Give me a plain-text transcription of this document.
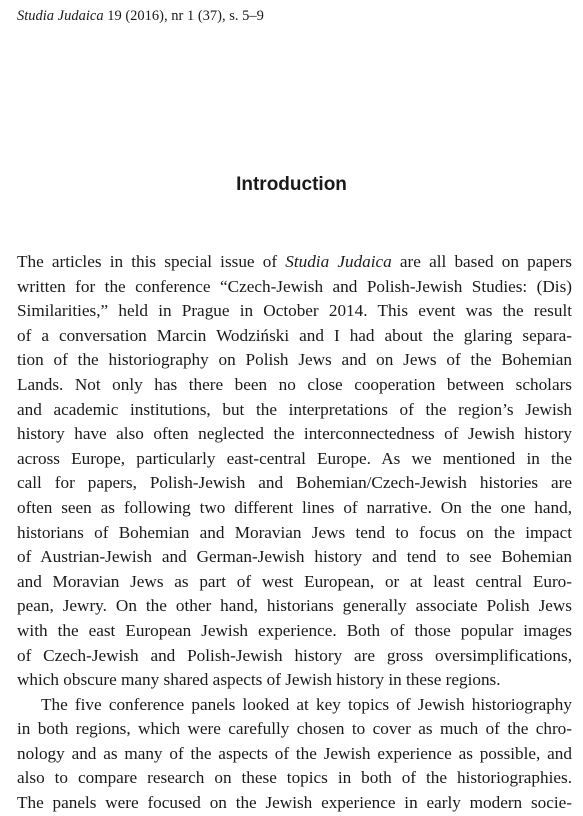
Studia Judaica 19 (2016), nr 1 (37), s. 5–9
Introduction
The articles in this special issue of Studia Judaica are all based on papers
written for the conference “Czech-Jewish and Polish-Jewish Studies: (Dis)
Similarities,” held in Prague in October 2014. This event was the result
of a conversation Marcin Wodziński and I had about the glaring separa-
tion of the historiography on Polish Jews and on Jews of the Bohemian
Lands. Not only has there been no close cooperation between scholars
and academic institutions, but the interpretations of the region’s Jewish
history have also often neglected the interconnectedness of Jewish history
across Europe, particularly east-central Europe. As we mentioned in the
call for papers, Polish-Jewish and Bohemian/Czech-Jewish histories are
often seen as following two different lines of narrative. On the one hand,
historians of Bohemian and Moravian Jews tend to focus on the impact
of Austrian-Jewish and German-Jewish history and tend to see Bohemian
and Moravian Jews as part of west European, or at least central Euro-
pean, Jewry. On the other hand, historians generally associate Polish Jews
with the east European Jewish experience. Both of those popular images
of Czech-Jewish and Polish-Jewish history are gross oversimplifications,
which obscure many shared aspects of Jewish history in these regions.
The five conference panels looked at key topics of Jewish historiography
in both regions, which were carefully chosen to cover as much of the chro-
nology and as many of the aspects of the Jewish experience as possible, and
also to compare research on these topics in both of the historiographies.
The panels were focused on the Jewish experience in early modern socie-
